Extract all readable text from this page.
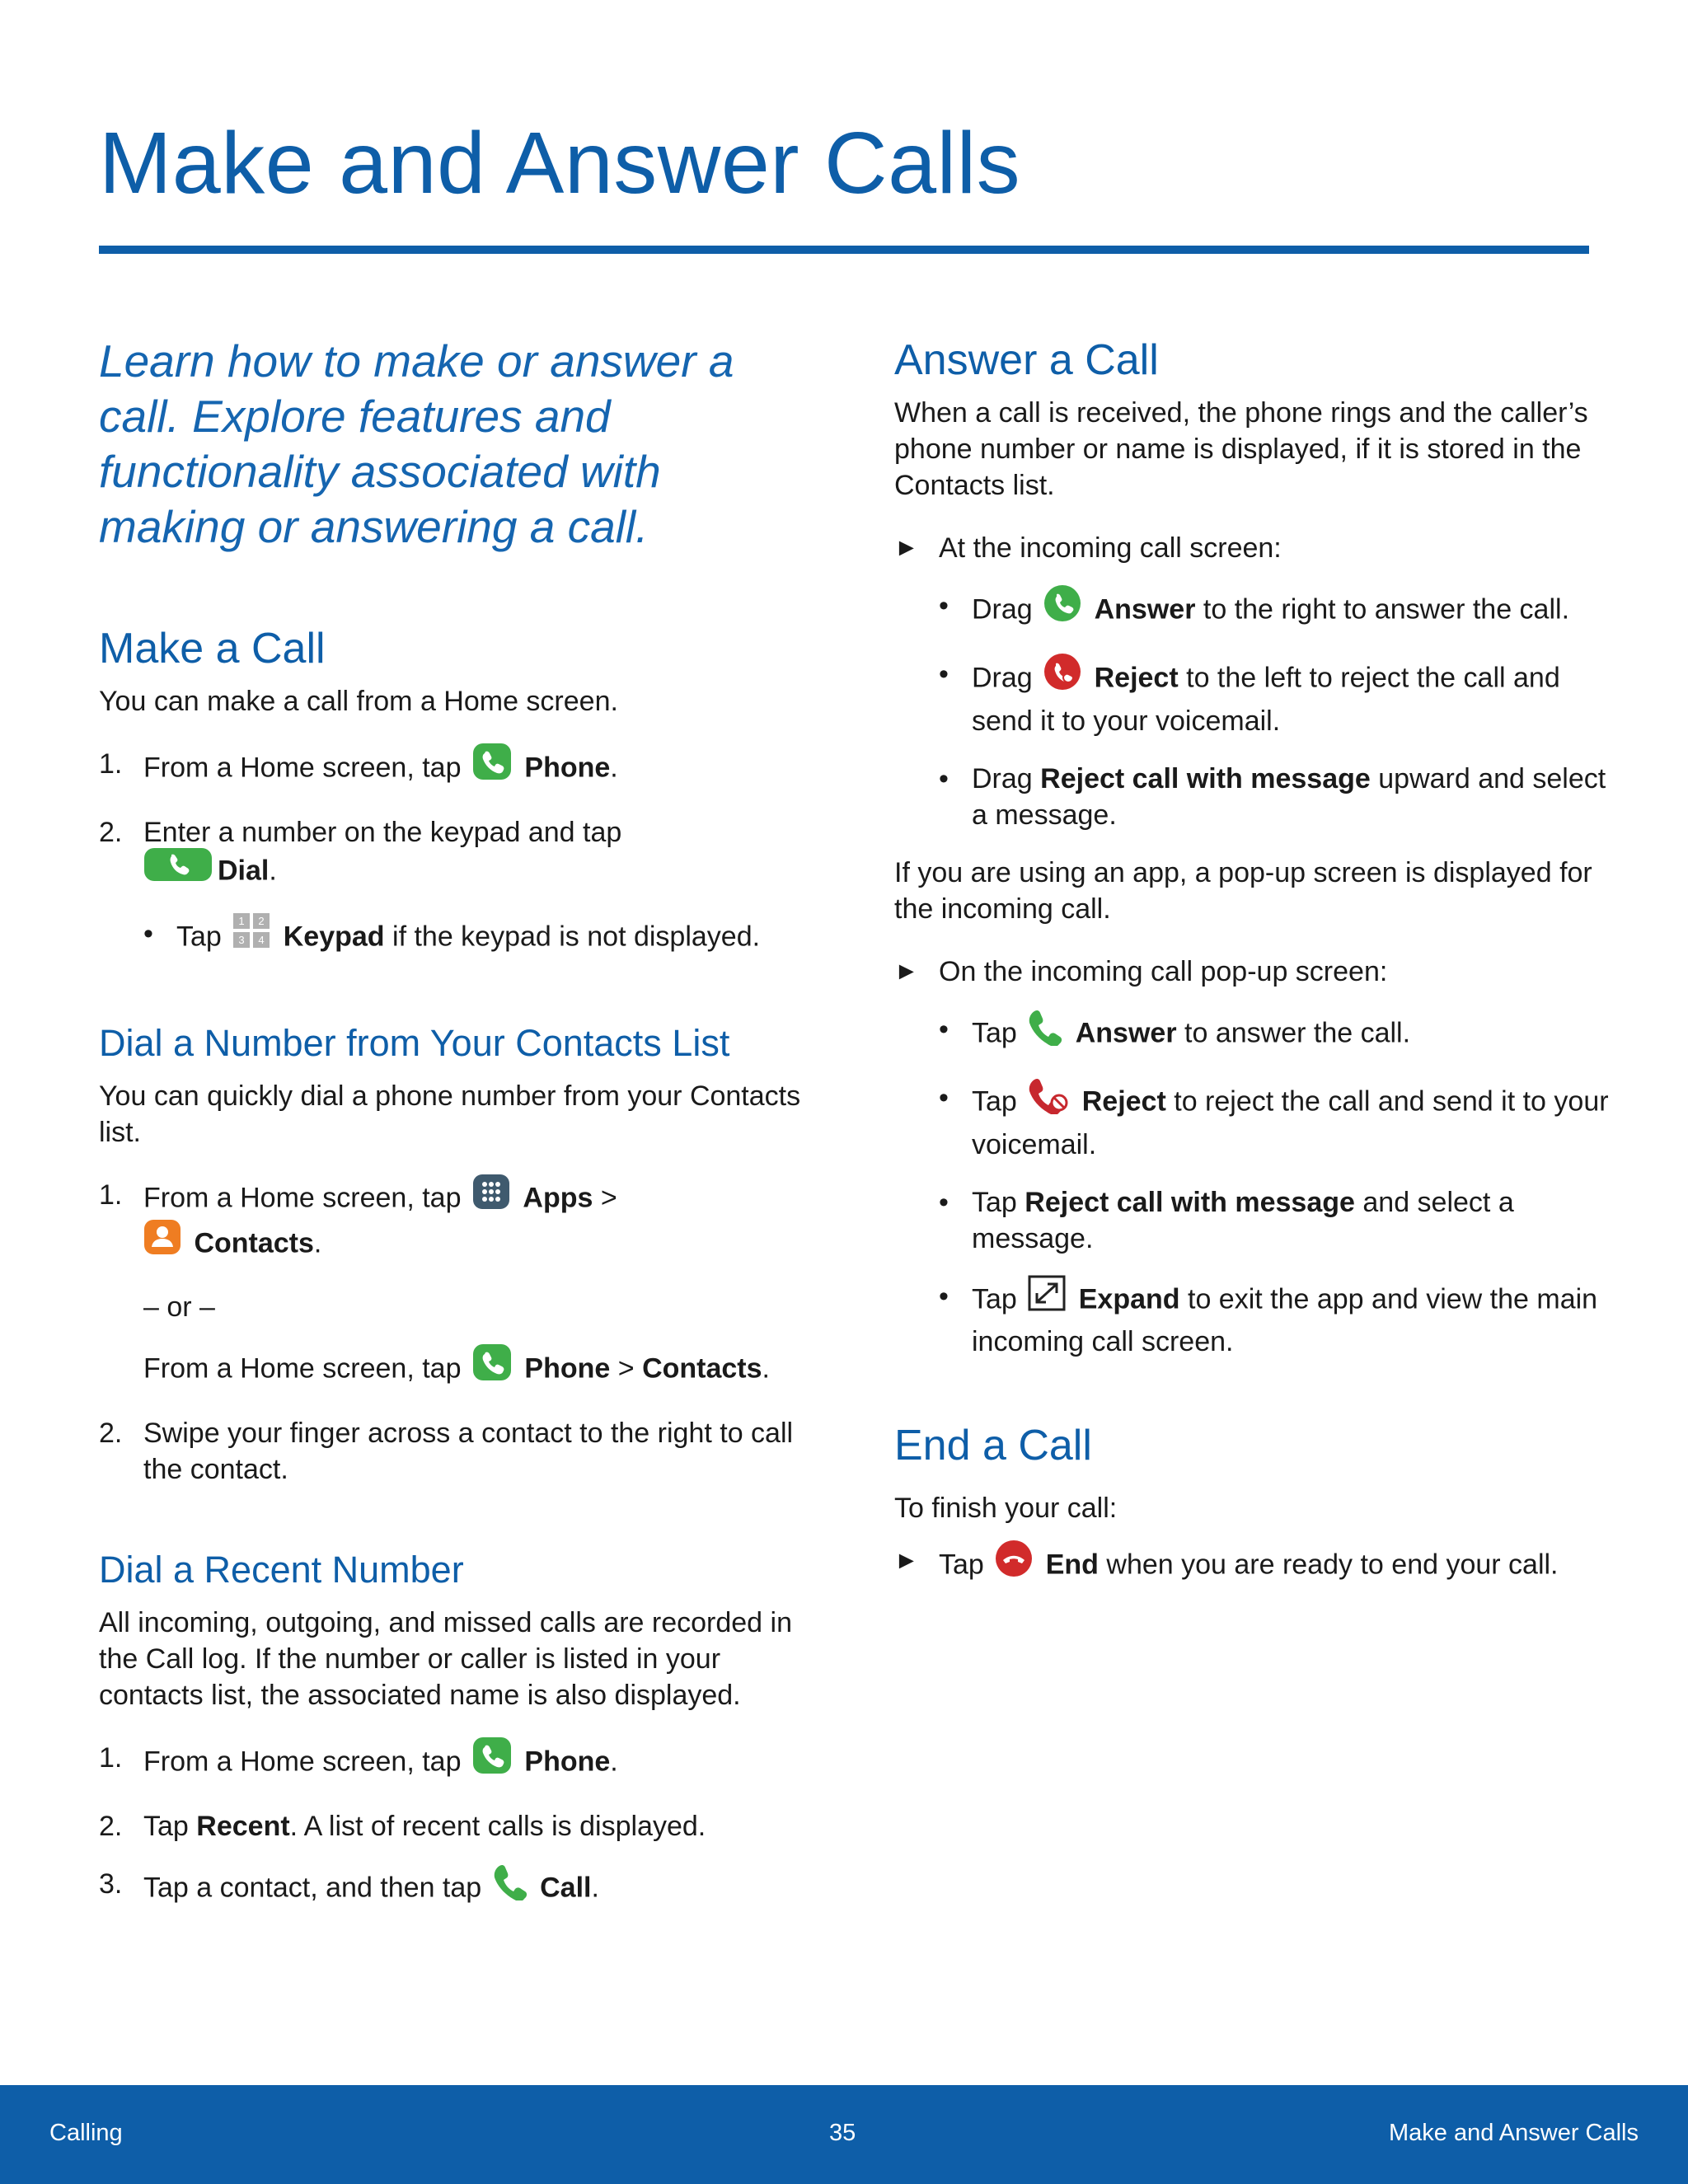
Make and Answer Calls

Learn how to make or answer a call. Explore features and functionality associated with making or answering a call.

Make a Call

You can make a call from a Home screen.

1. From a Home screen, tap Phone.
2. Enter a number on the keypad and tap
Dial.
• Tap 1 2
3 4 Keypad if the keypad is not displayed.
Dial a Number from Your Contacts List

You can quickly dial a phone number from your Contacts list.

1. From a Home screen, tap Apps >
Contacts.
– or –
From a Home screen, tap Phone > Contacts.
2. Swipe your finger across a contact to the right to call the contact.
Dial a Recent Number

All incoming, outgoing, and missed calls are recorded in the Call log. If the number or caller is listed in your contacts list, the associated name is also displayed.

1. From a Home screen, tap Phone.
2. Tap Recent. A list of recent calls is displayed.
3. Tap a contact, and then tap Call.
Answer a Call

When a call is received, the phone rings and the caller’s phone number or name is displayed, if it is stored in the Contacts list.

► At the incoming call screen:
• Drag Answer to the right to answer the call.
• Drag Reject to the left to reject the call and send it to your voicemail.
• Drag Reject call with message upward and select a message.

If you are using an app, a pop-up screen is displayed for the incoming call.

► On the incoming call pop-up screen:
• Tap Answer to answer the call.
• Tap Reject to reject the call and send it to your voicemail.
• Tap Reject call with message and select a message.
• Tap Expand to exit the app and view the main incoming call screen.
End a Call

To finish your call:

► Tap End when you are ready to end your call.
Calling	35	Make and Answer Calls
